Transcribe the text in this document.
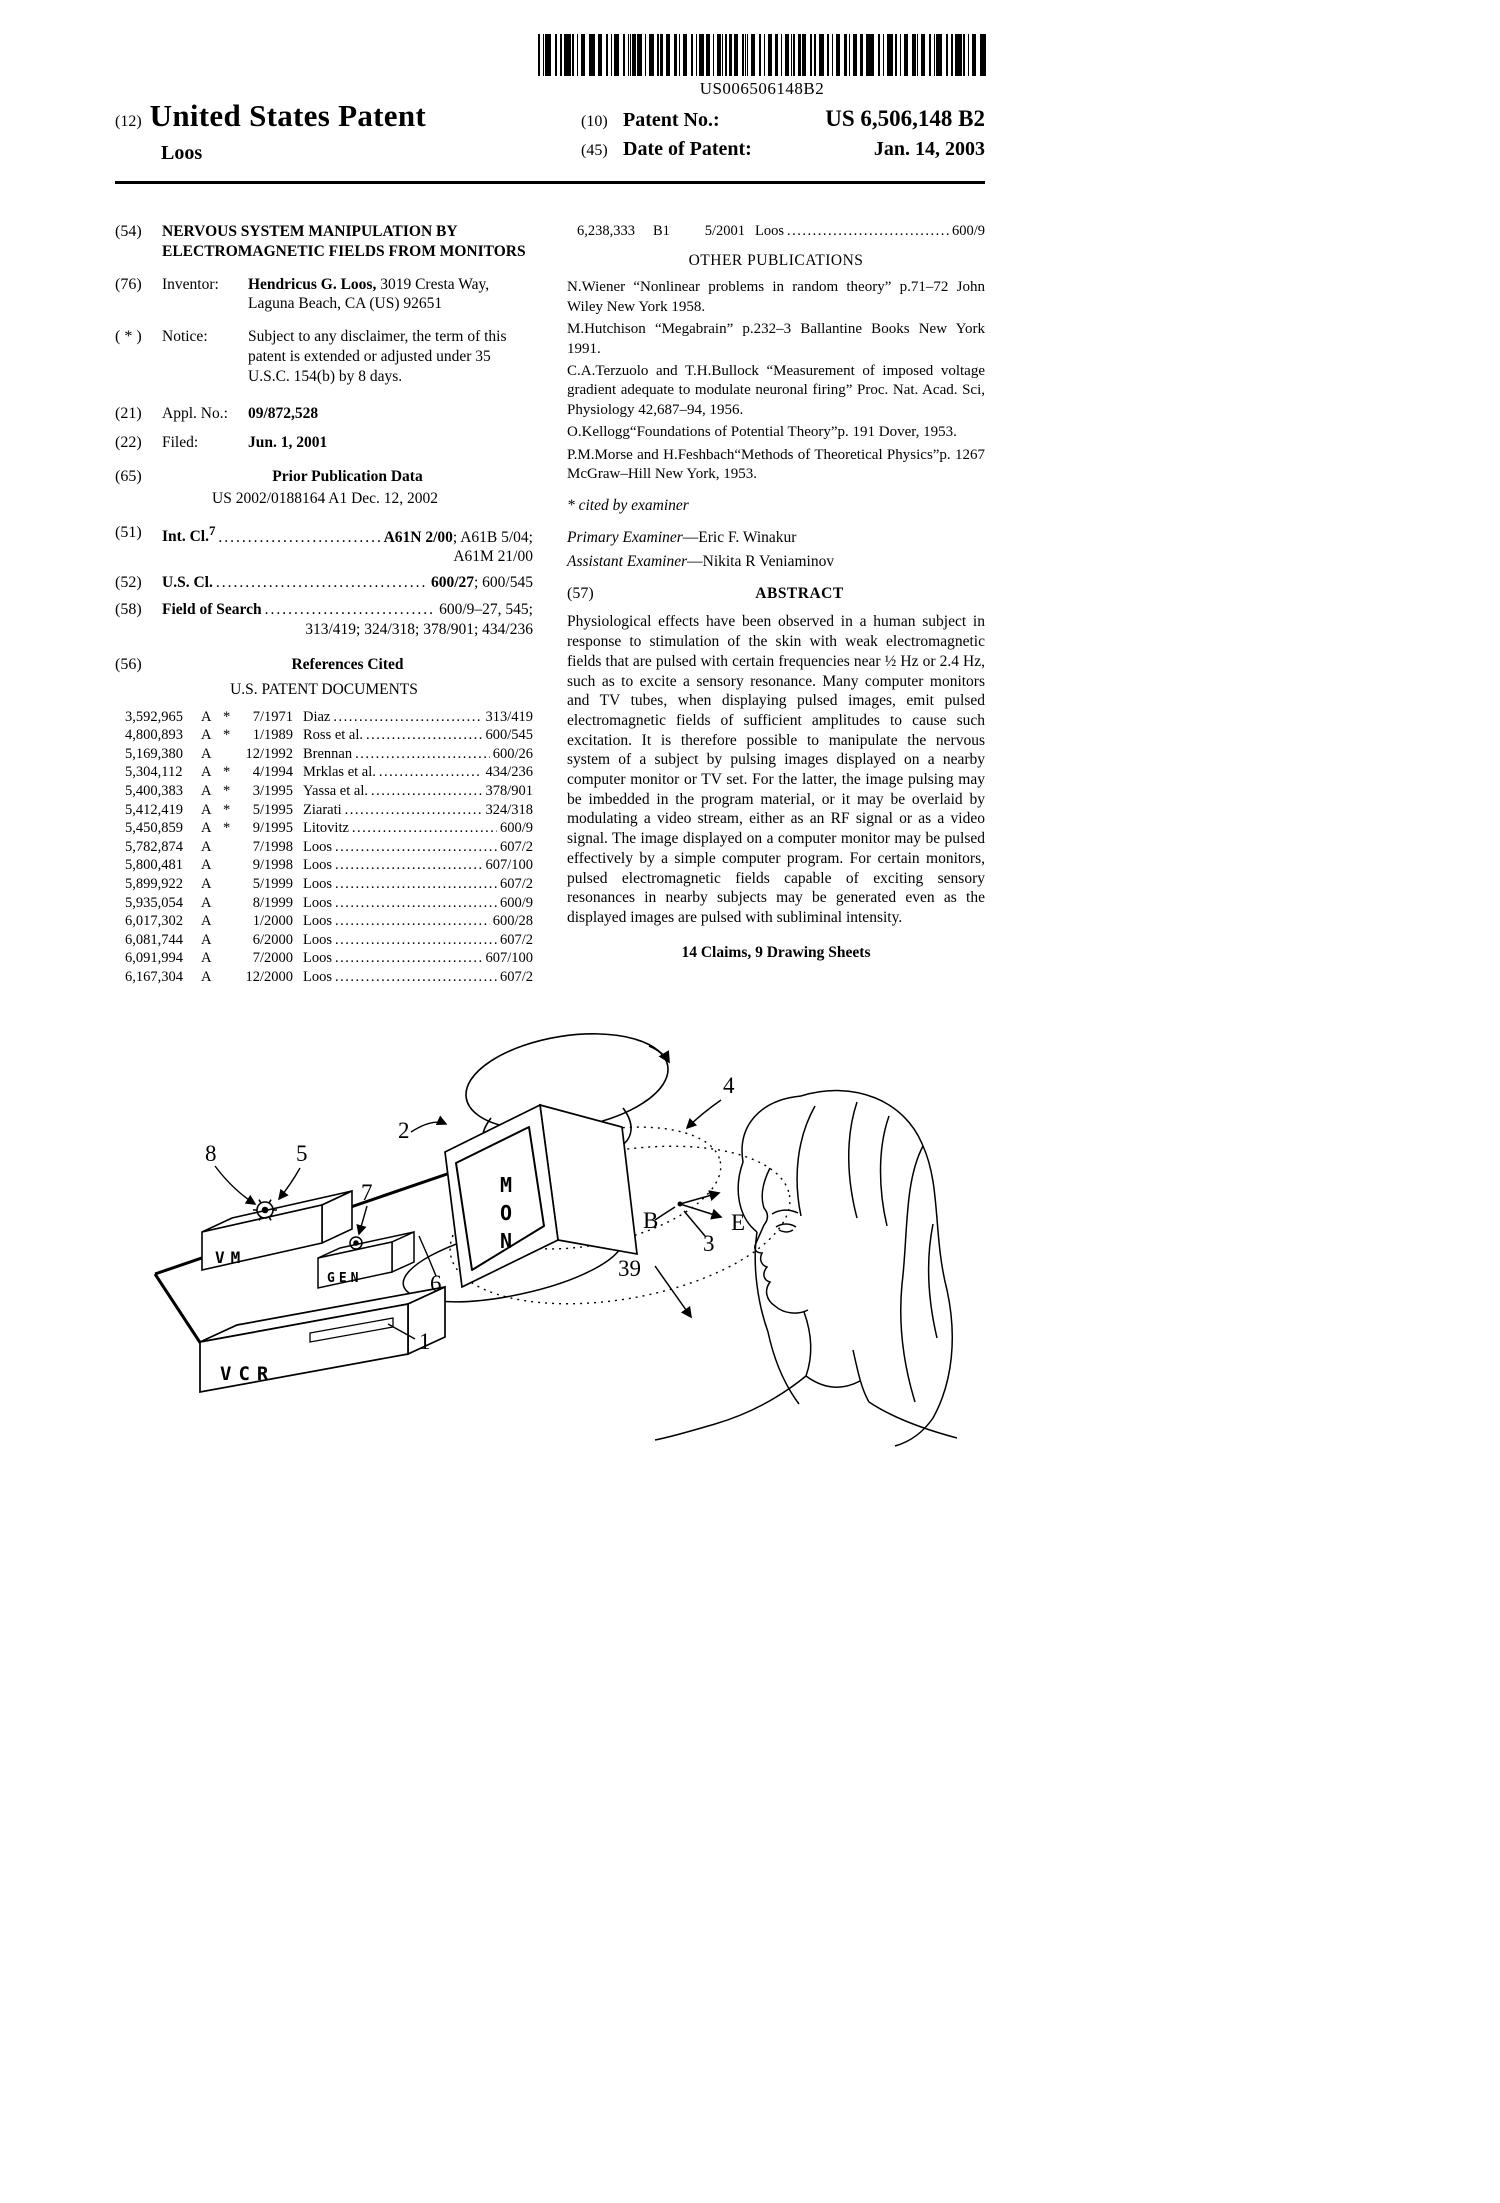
US006506148B2
(12) United States Patent
Loos
(10) Patent No.:	US 6,506,148 B2
(45) Date of Patent:	Jan. 14, 2003
(54)	NERVOUS SYSTEM MANIPULATION BY ELECTROMAGNETIC FIELDS FROM MONITORS
(76)	Inventor:	Hendricus G. Loos, 3019 Cresta Way, Laguna Beach, CA (US) 92651
( * )	Notice:	Subject to any disclaimer, the term of this patent is extended or adjusted under 35 U.S.C. 154(b) by 8 days.
(21)	Appl. No.:	09/872,528
(22)	Filed:	Jun. 1, 2001
(65)	Prior Publication Data
US 2002/0188164 A1 Dec. 12, 2002
(51)	Int. Cl.$^7$ .....	A61N 2/00; A61B 5/04;
A61M 21/00
(52)	U.S. Cl. .....	600/27; 600/545
(58)	Field of Search .....	600/9–27, 545;
313/419; 324/318; 378/901; 434/236
(56)	References Cited
U.S. PATENT DOCUMENTS
3,592,965	A *	7/1971 Diaz .....	313/419
4,800,893	A *	1/1989 Ross et al. .....	600/545
5,169,380	A	12/1992 Brennan .....	600/26
5,304,112	A *	4/1994 Mrklas et al. .....	434/236
5,400,383	A *	3/1995 Yassa et al. .....	378/901
5,412,419	A *	5/1995 Ziarati .....	324/318
5,450,859	A *	9/1995 Litovitz .....	600/9
5,782,874	A	7/1998 Loos .....	607/2
5,800,481	A	9/1998 Loos .....	607/100
5,899,922	A	5/1999 Loos .....	607/2
5,935,054	A	8/1999 Loos .....	600/9
6,017,302	A	1/2000 Loos .....	600/28
6,081,744	A	6/2000 Loos .....	607/2
6,091,994	A	7/2000 Loos .....	607/100
6,167,304	A	12/2000 Loos .....	607/2
6,238,333	B1	5/2001 Loos .....	600/9
OTHER PUBLICATIONS

N.Wiener “Nonlinear problems in random theory” p.71–72 John Wiley New York 1958.

M.Hutchison “Megabrain” p.232–3 Ballantine Books New York 1991.

C.A.Terzuolo and T.H.Bullock “Measurement of imposed voltage gradient adequate to modulate neuronal firing” Proc. Nat. Acad. Sci, Physiology 42,687–94, 1956.

O.Kellogg“Foundations of Potential Theory”p. 191 Dover, 1953.

P.M.Morse and H.Feshbach“Methods of Theoretical Physics”p. 1267 McGraw–Hill New York, 1953.

* cited by examiner
Primary Examiner—Eric F. Winakur
Assistant Examiner—Nikita R Veniaminov
(57)	ABSTRACT
Physiological effects have been observed in a human subject in response to stimulation of the skin with weak electromagnetic fields that are pulsed with certain frequencies near ½ Hz or 2.4 Hz, such as to excite a sensory resonance. Many computer monitors and TV tubes, when displaying pulsed images, emit pulsed electromagnetic fields of sufficient amplitudes to cause such excitation. It is therefore possible to manipulate the nervous system of a subject by pulsing images displayed on a nearby computer monitor or TV set. For the latter, the image pulsing may be imbedded in the program material, or it may be overlaid by modulating a video stream, either as an RF signal or as a video signal. The image displayed on a computer monitor may be pulsed effectively by a simple computer program. For certain monitors, pulsed electromagnetic fields capable of exciting sensory resonances in nearby subjects may be generated even as the displayed images are pulsed with subliminal intensity.
14 Claims, 9 Drawing Sheets
M
O
N
VM
GEN
VCR
2
4
8	5
7
6
1
39
B	E
3
